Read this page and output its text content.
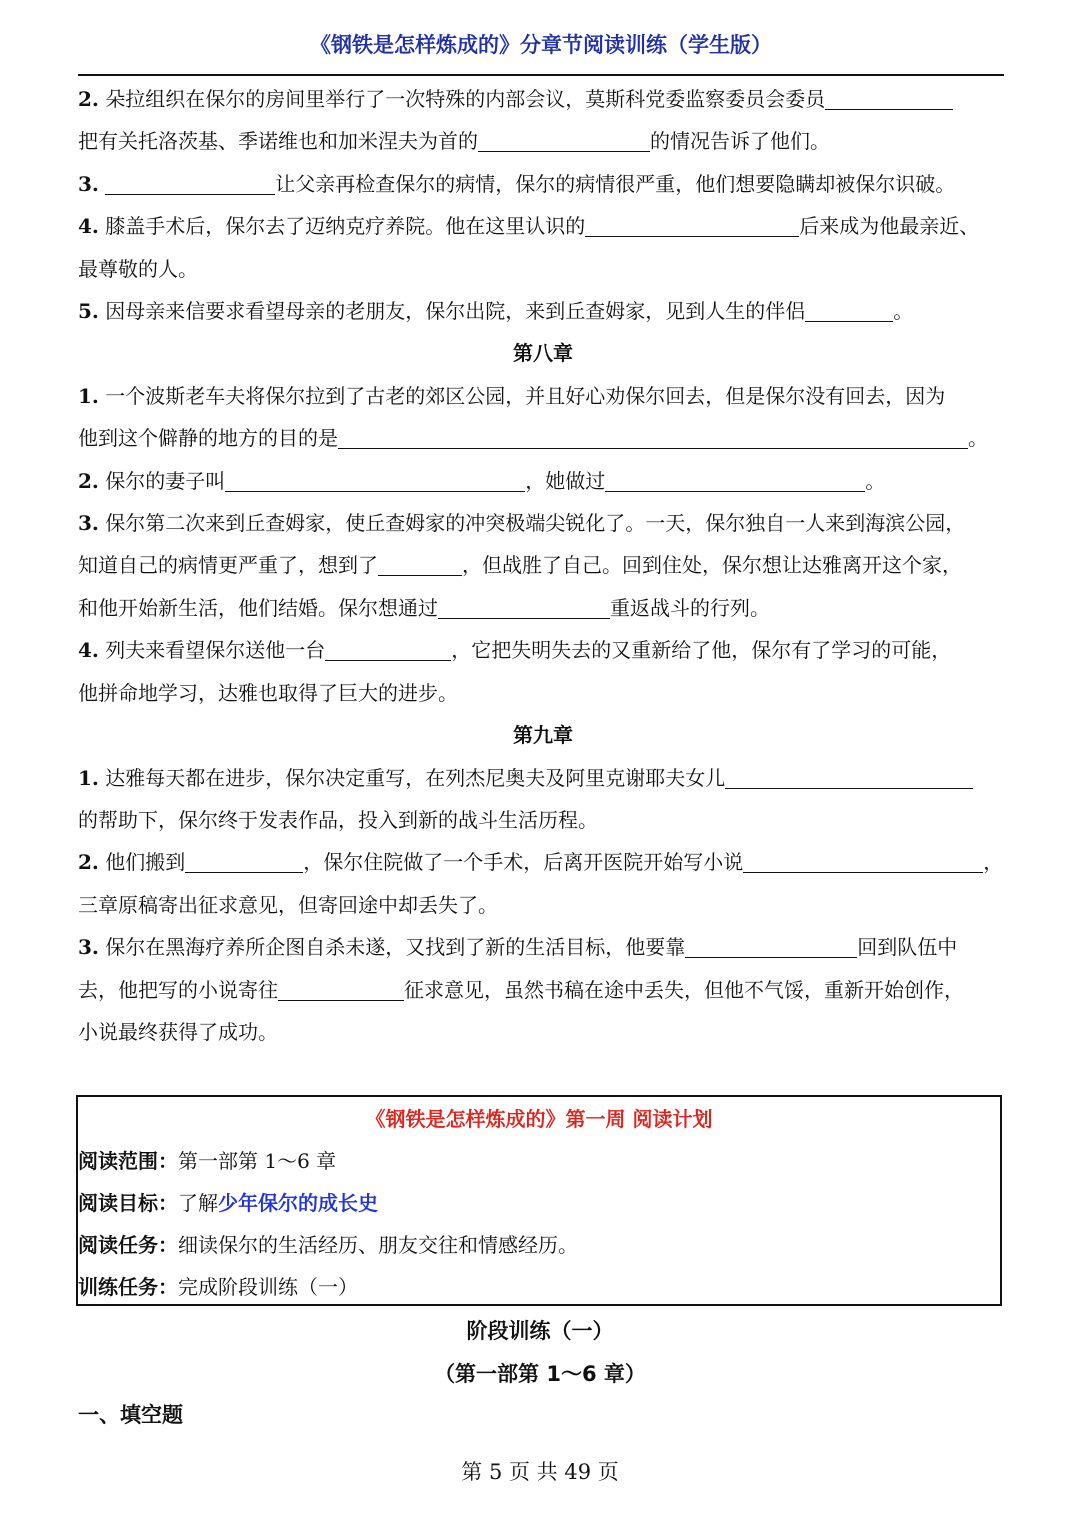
《钢铁是怎样炼成的》分章节阅读训练（学生版）

2. 朵拉组织在保尔的房间里举行了一次特殊的内部会议，莫斯科党委监察委员会委员

把有关托洛茨基、季诺维也和加米涅夫为首的	的情况告诉了他们。

3.	让父亲再检查保尔的病情，保尔的病情很严重，他们想要隐瞒却被保尔识破。

4. 膝盖手术后，保尔去了迈纳克疗养院。他在这里认识的	后来成为他最亲近、

最尊敬的人。

5. 因母亲来信要求看望母亲的老朋友，保尔出院，来到丘查姆家，见到人生的伴侣	。

第八章

1. 一个波斯老车夫将保尔拉到了古老的郊区公园，并且好心劝保尔回去，但是保尔没有回去，因为

他到这个僻静的地方的目的是	。

2. 保尔的妻子叫	，她做过	。

3. 保尔第二次来到丘查姆家，使丘查姆家的冲突极端尖锐化了。一天，保尔独自一人来到海滨公园，

知道自己的病情更严重了，想到了	，但战胜了自己。回到住处，保尔想让达雅离开这个家，

和他开始新生活，他们结婚。保尔想通过	重返战斗的行列。

4. 列夫来看望保尔送他一台	，它把失明失去的又重新给了他，保尔有了学习的可能，

他拼命地学习，达雅也取得了巨大的进步。

第九章

1. 达雅每天都在进步，保尔决定重写，在列杰尼奥夫及阿里克谢耶夫女儿

的帮助下，保尔终于发表作品，投入到新的战斗生活历程。

2. 他们搬到	，保尔住院做了一个手术，后离开医院开始写小说	，

三章原稿寄出征求意见，但寄回途中却丢失了。

3. 保尔在黑海疗养所企图自杀未遂，又找到了新的生活目标，他要靠	回到队伍中

去，他把写的小说寄往	征求意见，虽然书稿在途中丢失，但他不气馁，重新开始创作，

小说最终获得了成功。

《钢铁是怎样炼成的》第一周 阅读计划
阅读范围：第一部第 1～6 章
阅读目标：了解少年保尔的成长史
阅读任务：细读保尔的生活经历、朋友交往和情感经历。
训练任务：完成阶段训练（一）
阶段训练（一）
（第一部第 1～6 章）
一、填空题
第 5 页 共 49 页
